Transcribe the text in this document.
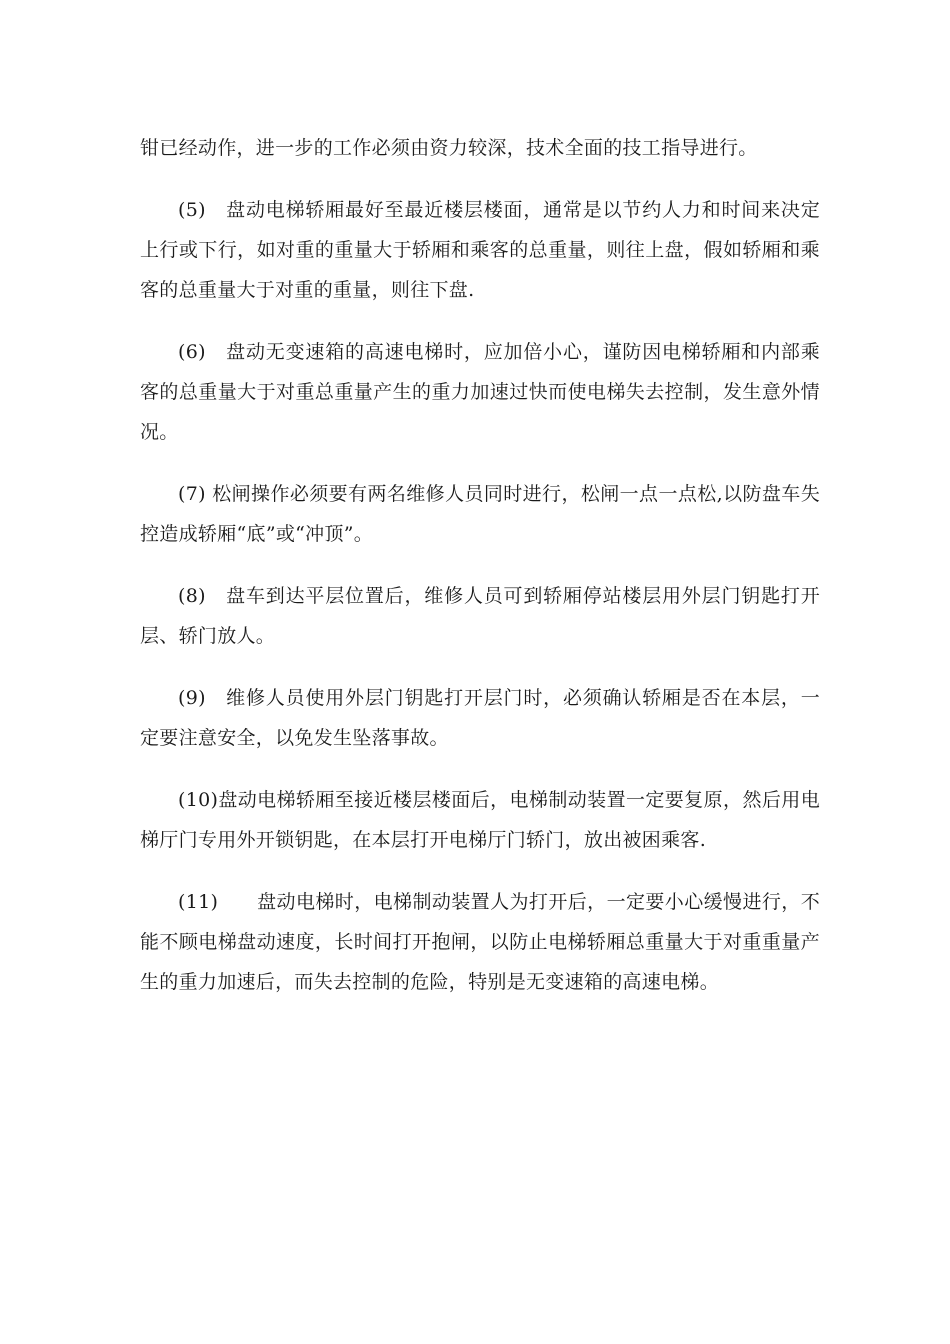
钳已经动作，进一步的工作必须由资力较深，技术全面的技工指导进行。

(5)　盘动电梯轿厢最好至最近楼层楼面，通常是以节约人力和时间来决定上行或下行，如对重的重量大于轿厢和乘客的总重量，则往上盘，假如轿厢和乘客的总重量大于对重的重量，则往下盘.

(6)　盘动无变速箱的高速电梯时，应加倍小心，谨防因电梯轿厢和内部乘客的总重量大于对重总重量产生的重力加速过快而使电梯失去控制，发生意外情况。

(7) 松闸操作必须要有两名维修人员同时进行，松闸一点一点松,以防盘车失控造成轿厢“底”或“冲顶”。

(8)　盘车到达平层位置后，维修人员可到轿厢停站楼层用外层门钥匙打开层、轿门放人。

(9)　维修人员使用外层门钥匙打开层门时，必须确认轿厢是否在本层，一定要注意安全，以免发生坠落事故。

(10)盘动电梯轿厢至接近楼层楼面后，电梯制动装置一定要复原，然后用电梯厅门专用外开锁钥匙，在本层打开电梯厅门轿门，放出被困乘客.

(11)　　盘动电梯时，电梯制动装置人为打开后，一定要小心缓慢进行，不能不顾电梯盘动速度，长时间打开抱闸，以防止电梯轿厢总重量大于对重重量产生的重力加速后，而失去控制的危险，特别是无变速箱的高速电梯。
